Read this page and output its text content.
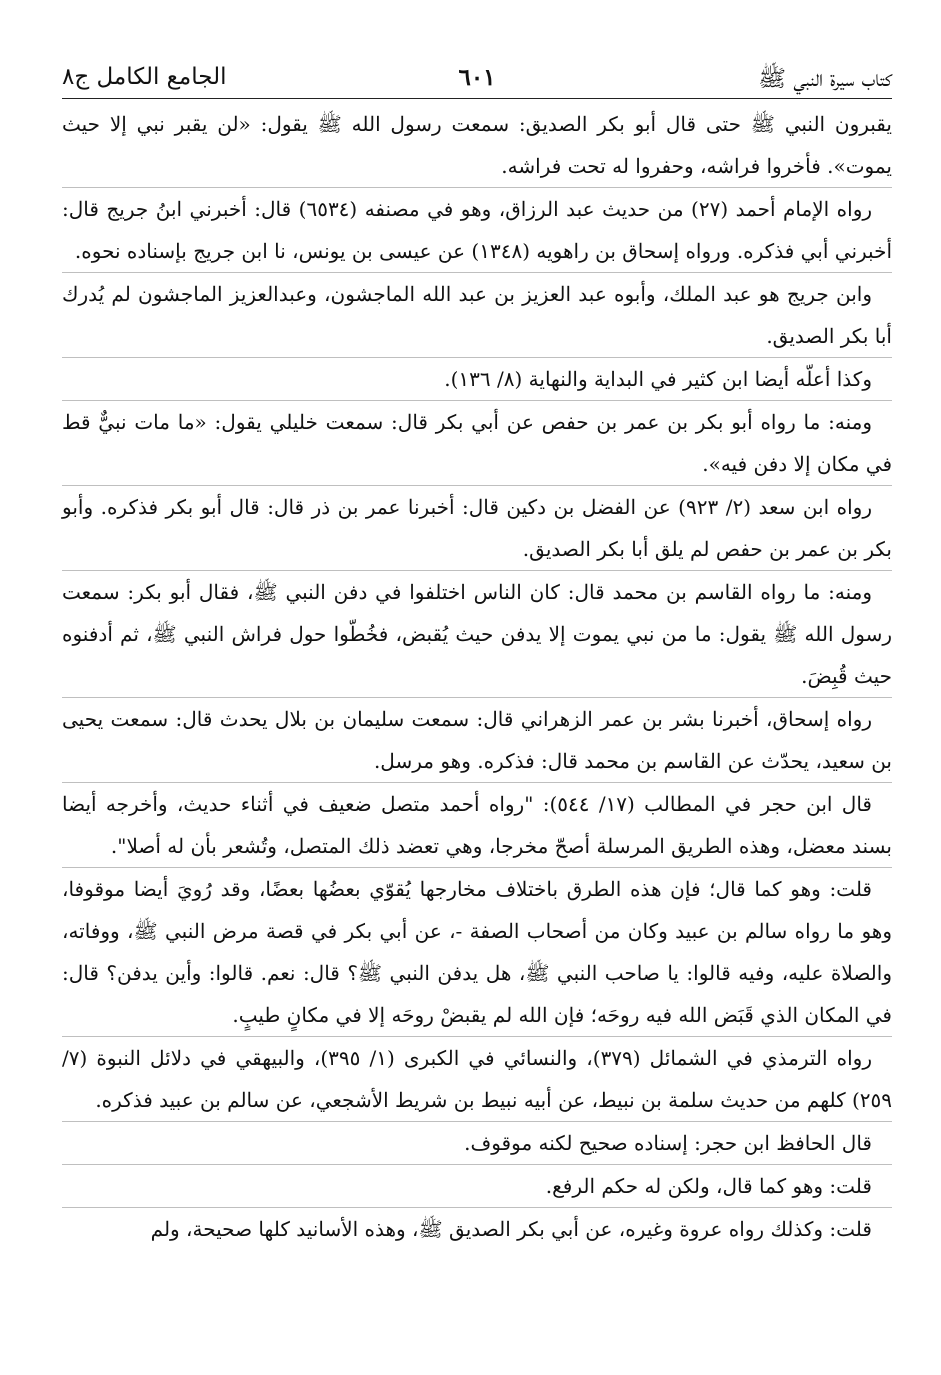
كتاب سيرة النبي ﷺ
٦٠١
الجامع الكامل ج٨

يقبرون النبي ﷺ حتى قال أبو بكر الصديق: سمعت رسول الله ﷺ يقول: «لن يقبر نبي إلا حيث يموت». فأخروا فراشه، وحفروا له تحت فراشه.

رواه الإمام أحمد (٢٧) من حديث عبد الرزاق، وهو في مصنفه (٦٥٣٤) قال: أخبرني ابنُ جريج قال: أخبرني أبي فذكره. ورواه إسحاق بن راهويه (١٣٤٨) عن عيسى بن يونس، نا ابن جريج بإسناده نحوه.

وابن جريج هو عبد الملك، وأبوه عبد العزيز بن عبد الله الماجشون، وعبدالعزيز الماجشون لم يُدرك أبا بكر الصديق.

وكذا أعلّه أيضا ابن كثير في البداية والنهاية (٨/ ١٣٦).

ومنه: ما رواه أبو بكر بن عمر بن حفص عن أبي بكر قال: سمعت خليلي يقول: «ما مات نبيٌّ قط في مكان إلا دفن فيه».

رواه ابن سعد (٢/ ٩٢٣) عن الفضل بن دكين قال: أخبرنا عمر بن ذر قال: قال أبو بكر فذكره. وأبو بكر بن عمر بن حفص لم يلق أبا بكر الصديق.

ومنه: ما رواه القاسم بن محمد قال: كان الناس اختلفوا في دفن النبي ﷺ، فقال أبو بكر: سمعت رسول الله ﷺ يقول: ما من نبي يموت إلا يدفن حيث يُقبض، فخُطّوا حول فراش النبي ﷺ، ثم أدفنوه حيث قُبِضَ.

رواه إسحاق، أخبرنا بشر بن عمر الزهراني قال: سمعت سليمان بن بلال يحدث قال: سمعت يحيى بن سعيد، يحدّث عن القاسم بن محمد قال: فذكره. وهو مرسل.

قال ابن حجر في المطالب (١٧/ ٥٤٤): "رواه أحمد متصل ضعيف في أثناء حديث، وأخرجه أيضا بسند معضل، وهذه الطريق المرسلة أصحّ مخرجا، وهي تعضد ذلك المتصل، وتُشعر بأن له أصلا".

قلت: وهو كما قال؛ فإن هذه الطرق باختلاف مخارجها يُقوّي بعضُها بعضًا، وقد رُويَ أيضا موقوفا، وهو ما رواه سالم بن عبيد وكان من أصحاب الصفة -، عن أبي بكر في قصة مرض النبي ﷺ، ووفاته، والصلاة عليه، وفيه قالوا: يا صاحب النبي ﷺ، هل يدفن النبي ﷺ؟ قال: نعم. قالوا: وأين يدفن؟ قال: في المكان الذي قَبَض الله فيه روحَه؛ فإن الله لم يقبضْ روحَه إلا في مكانٍ طيبٍ.

رواه الترمذي في الشمائل (٣٧٩)، والنسائي في الكبرى (١/ ٣٩٥)، والبيهقي في دلائل النبوة (٧/ ٢٥٩) كلهم من حديث سلمة بن نبيط، عن أبيه نبيط بن شريط الأشجعي، عن سالم بن عبيد فذكره.

قال الحافظ ابن حجر: إسناده صحيح لكنه موقوف.

قلت: وهو كما قال، ولكن له حكم الرفع.

قلت: وكذلك رواه عروة وغيره، عن أبي بكر الصديق ﷺ، وهذه الأسانيد كلها صحيحة، ولم
